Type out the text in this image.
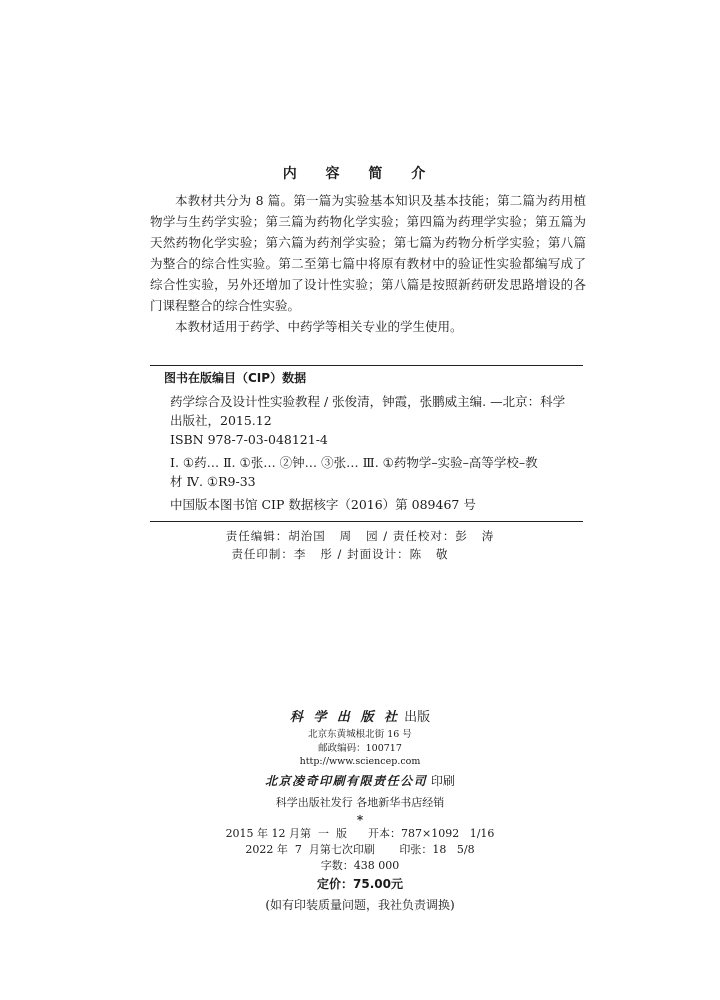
内 容 简 介

本教材共分为 8 篇。第一篇为实验基本知识及基本技能；第二篇为药用植物学与生药学实验；第三篇为药物化学实验；第四篇为药理学实验；第五篇为天然药物化学实验；第六篇为药剂学实验；第七篇为药物分析学实验；第八篇为整合的综合性实验。第二至第七篇中将原有教材中的验证性实验都编写成了综合性实验，另外还增加了设计性实验；第八篇是按照新药研发思路增设的各门课程整合的综合性实验。

本教材适用于药学、中药学等相关专业的学生使用。

图书在版编目（CIP）数据

药学综合及设计性实验教程 / 张俊清，钟霞，张鹏威主编. —北京：科学

出版社，2015.12

ISBN 978-7-03-048121-4

Ⅰ. ①药… Ⅱ. ①张… ②钟… ③张… Ⅲ. ①药物学–实验–高等学校–教

材 Ⅳ. ①R9-33

中国版本图书馆 CIP 数据核字（2016）第 089467 号

责任编辑：胡治国   周   园 / 责任校对：彭   涛
责任印制：李   彤 / 封面设计：陈   敬
科 学 出 版 社 出版
北京东黄城根北街 16 号
邮政编码：100717
http://www.sciencep.com
北京凌奇印刷有限责任公司 印刷
科学出版社发行 各地新华书店经销
*
2015 年 12 月第  一  版      开本：787×1092   1/16
2022 年  7  月第七次印刷       印张：18   5/8
字数：438 000
定价：75.00元
(如有印装质量问题，我社负责调换)
